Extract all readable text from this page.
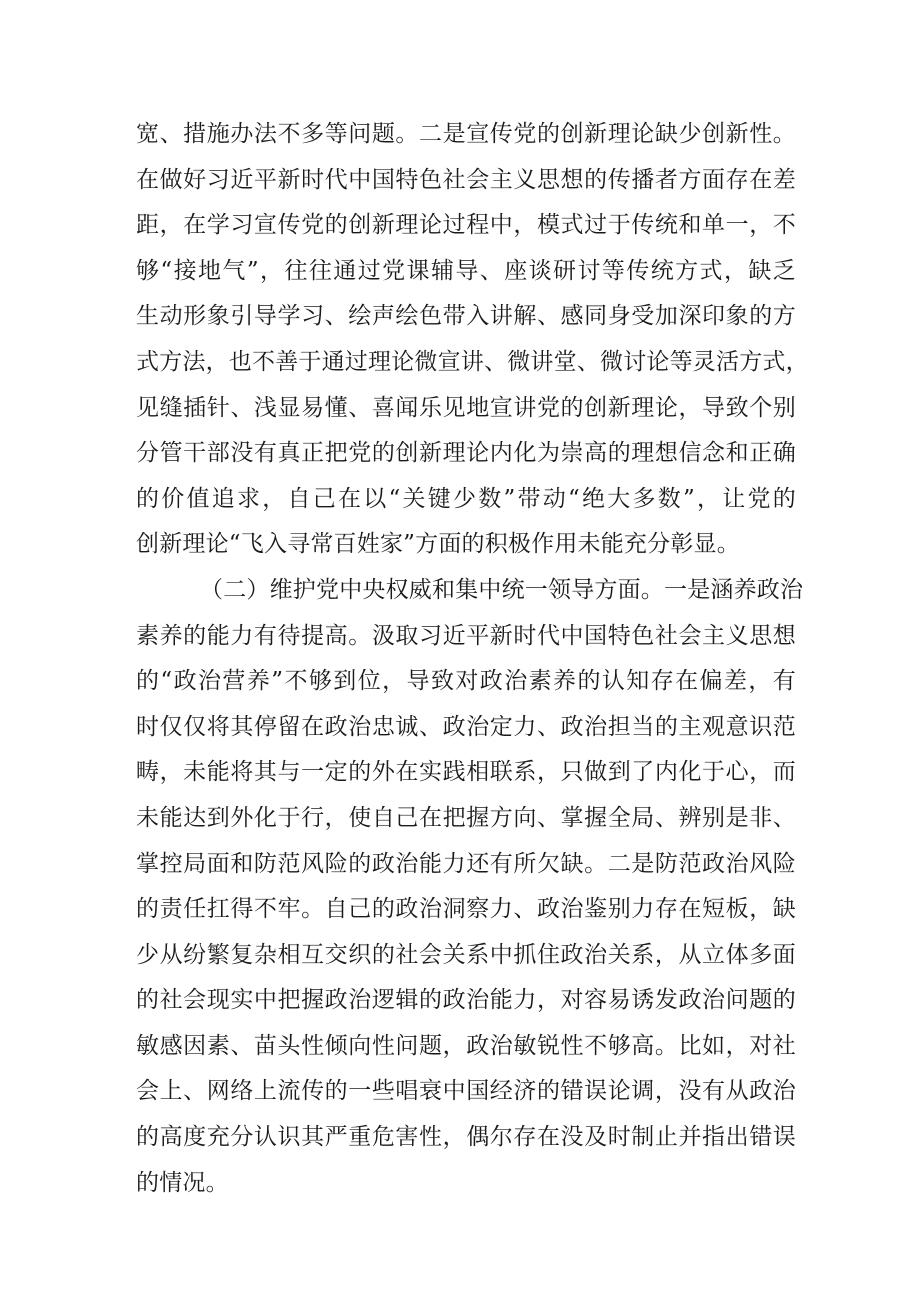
宽、措施办法不多等问题。二是宣传党的创新理论缺少创新性。
在做好习近平新时代中国特色社会主义思想的传播者方面存在差
距，在学习宣传党的创新理论过程中，模式过于传统和单一，不
够“接地气”，往往通过党课辅导、座谈研讨等传统方式，缺乏
生动形象引导学习、绘声绘色带入讲解、感同身受加深印象的方
式方法，也不善于通过理论微宣讲、微讲堂、微讨论等灵活方式，
见缝插针、浅显易懂、喜闻乐见地宣讲党的创新理论，导致个别
分管干部没有真正把党的创新理论内化为崇高的理想信念和正确
的价值追求，自己在以“关键少数”带动“绝大多数”，让党的
创新理论“飞入寻常百姓家”方面的积极作用未能充分彰显。
（二）维护党中央权威和集中统一领导方面。一是涵养政治
素养的能力有待提高。汲取习近平新时代中国特色社会主义思想
的“政治营养”不够到位，导致对政治素养的认知存在偏差，有
时仅仅将其停留在政治忠诚、政治定力、政治担当的主观意识范
畴，未能将其与一定的外在实践相联系，只做到了内化于心，而
未能达到外化于行，使自己在把握方向、掌握全局、辨别是非、
掌控局面和防范风险的政治能力还有所欠缺。二是防范政治风险
的责任扛得不牢。自己的政治洞察力、政治鉴别力存在短板，缺
少从纷繁复杂相互交织的社会关系中抓住政治关系，从立体多面
的社会现实中把握政治逻辑的政治能力，对容易诱发政治问题的
敏感因素、苗头性倾向性问题，政治敏锐性不够高。比如，对社
会上、网络上流传的一些唱衰中国经济的错误论调，没有从政治
的高度充分认识其严重危害性，偶尔存在没及时制止并指出错误
的情况。
